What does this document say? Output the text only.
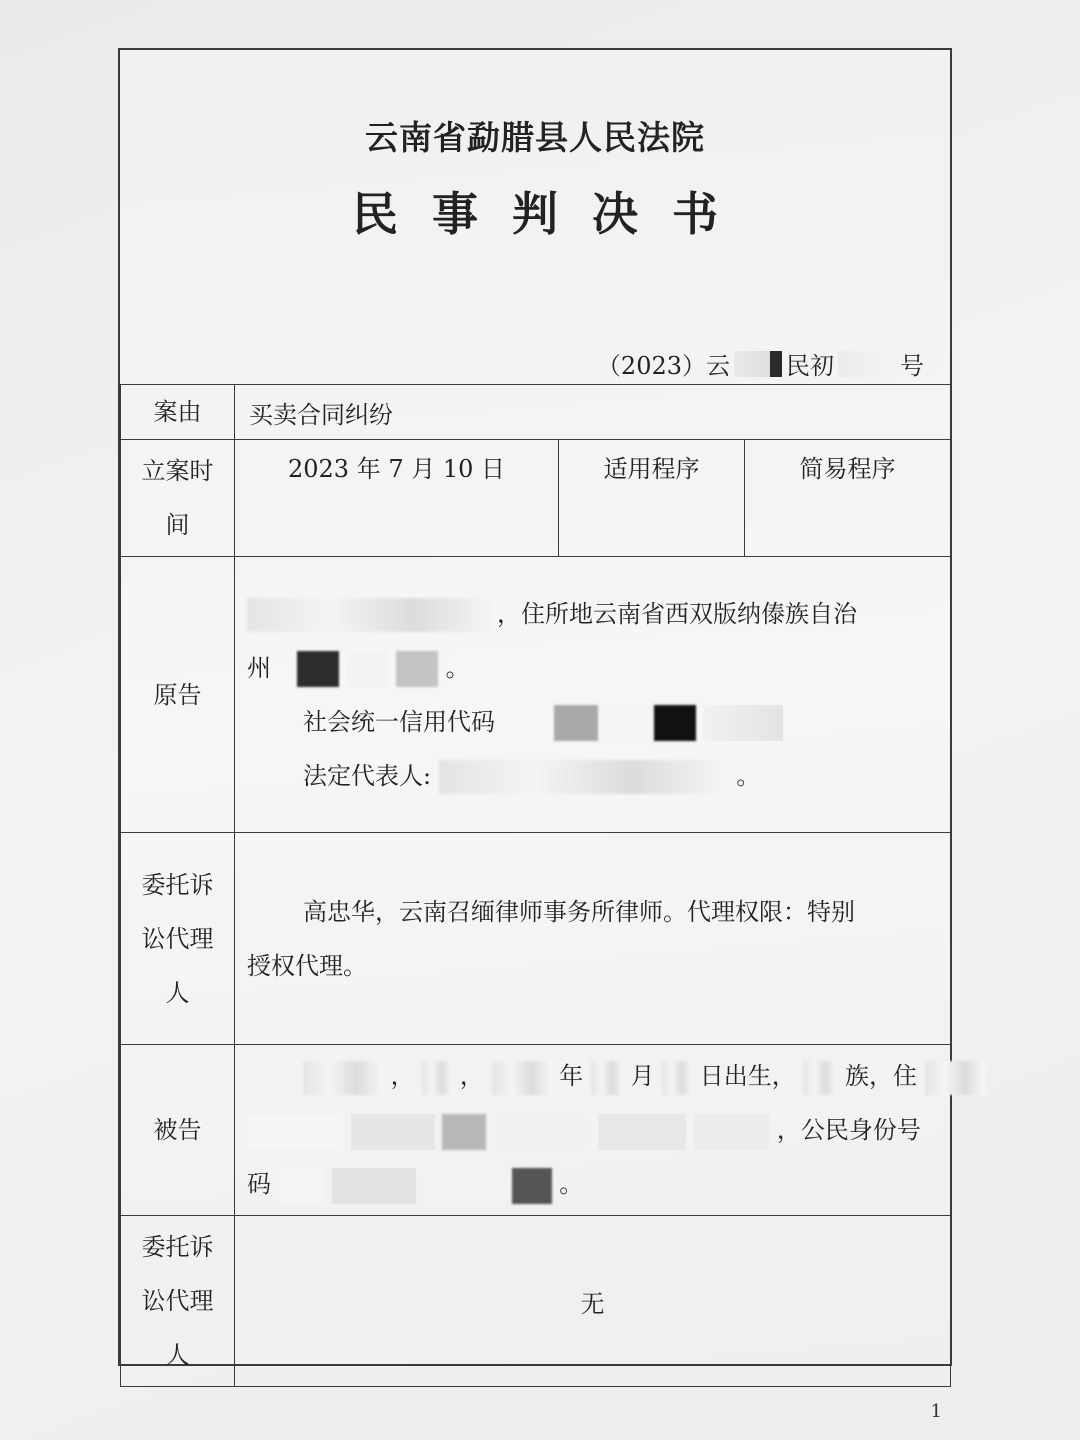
云南省勐腊县人民法院
民事判决书
（2023）云 民初	号
案由	买卖合同纠纷		
立案时间	2023 年 7 月 10 日	适用程序	简易程序
原告	，住所地云南省西双版纳傣族自治

州 。

社会统一信用代码

法定代表人: 。		

委托诉讼代理人	高忠华，云南召缅律师事务所律师。代理权限：特别

授权代理。		

被告	， ， 年 月 日出生， 族，住

，公民身份号

码 。		

委托诉讼代理人	无		
1
